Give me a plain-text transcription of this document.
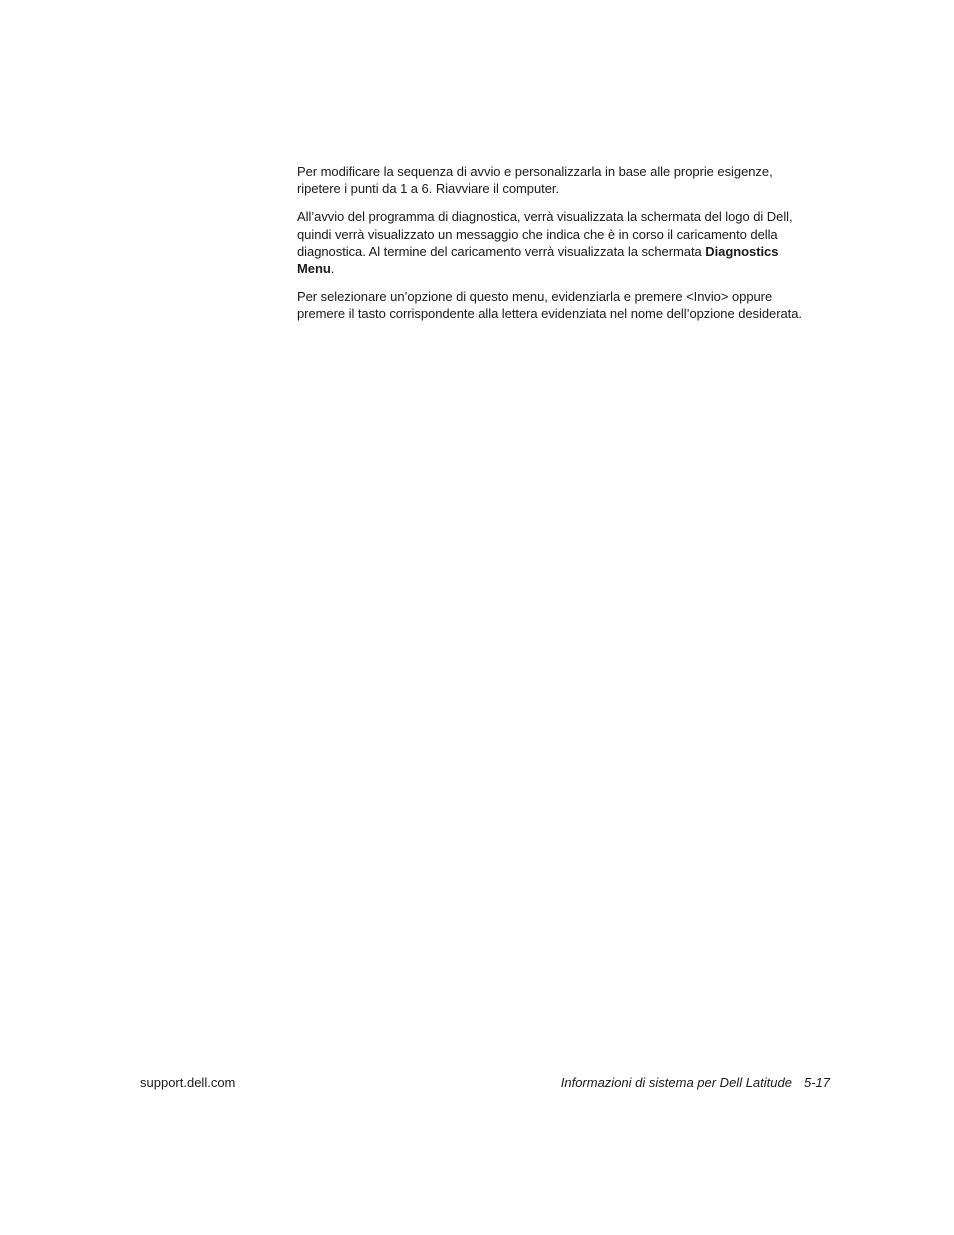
Per modificare la sequenza di avvio e personalizzarla in base alle proprie esigenze, ripetere i punti da 1 a 6. Riavviare il computer.

All’avvio del programma di diagnostica, verrà visualizzata la schermata del logo di Dell, quindi verrà visualizzato un messaggio che indica che è in corso il caricamento della diagnostica. Al termine del caricamento verrà visualizzata la schermata Diagnostics Menu.

Per selezionare un’opzione di questo menu, evidenziarla e premere <Invio> oppure premere il tasto corrispondente alla lettera evidenziata nel nome dell’opzione desiderata.

support.dell.com	Informazioni di sistema per Dell Latitude 5-17
